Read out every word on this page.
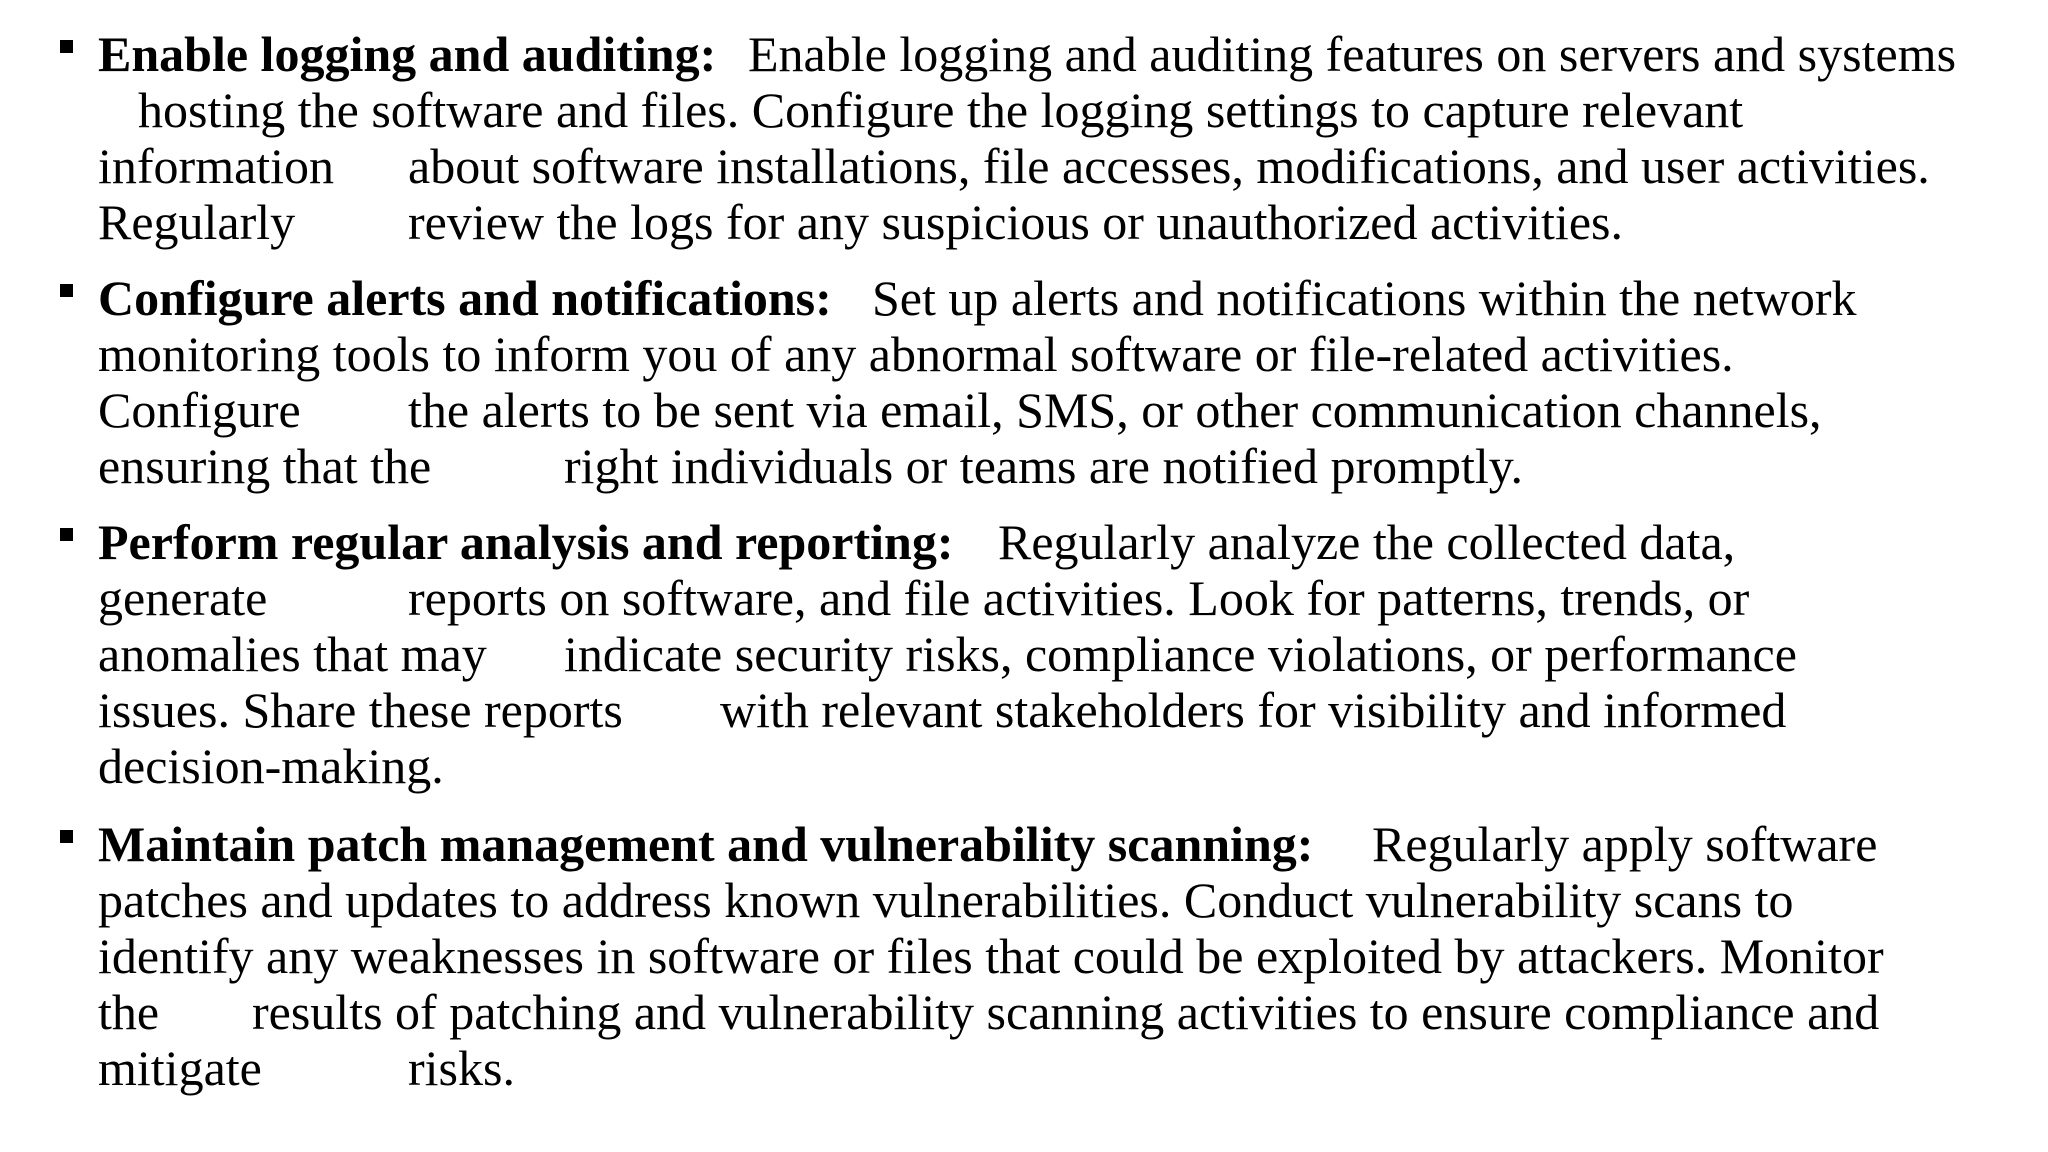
Enable logging and auditing:

Enable logging and auditing features on servers and systems

hosting the software and files. Configure the logging settings to capture relevant

information

about software installations, file accesses, modifications, and user activities.

Regularly

review the logs for any suspicious or unauthorized activities.

Configure alerts and notifications:

Set up alerts and notifications within the network

monitoring tools to inform you of any abnormal software or file-related activities.

Configure

the alerts to be sent via email, SMS, or other communication channels,

ensuring that the

	right individuals or teams are notified promptly.

Perform regular analysis and reporting:

Regularly analyze the collected data,

generate

	reports on software, and file activities. Look for patterns, trends, or

anomalies that may

indicate security risks, compliance violations, or performance

issues. Share these reports

with relevant stakeholders for visibility and informed

decision-making.

Maintain patch management and vulnerability scanning:

Regularly apply software

patches and updates to address known vulnerabilities. Conduct vulnerability scans to

identify any weaknesses in software or files that could be exploited by attackers. Monitor

the

results of patching and vulnerability scanning activities to ensure compliance and

mitigate

	risks.
